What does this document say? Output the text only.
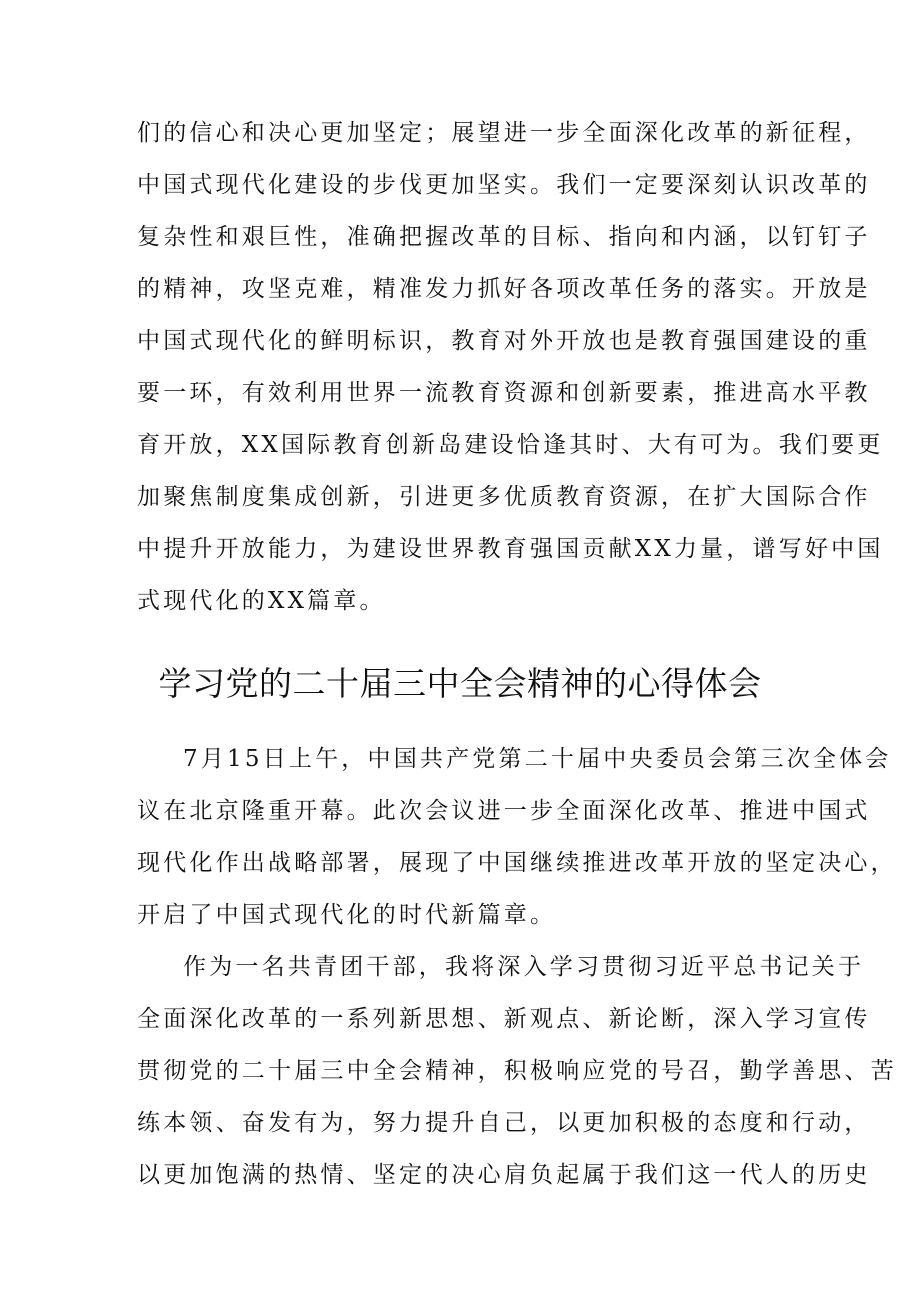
们的信心和决心更加坚定；展望进一步全面深化改革的新征程，
中国式现代化建设的步伐更加坚实。我们一定要深刻认识改革的
复杂性和艰巨性，准确把握改革的目标、指向和内涵，以钉钉子
的精神，攻坚克难，精准发力抓好各项改革任务的落实。开放是
中国式现代化的鲜明标识，教育对外开放也是教育强国建设的重
要一环，有效利用世界一流教育资源和创新要素，推进高水平教
育开放，XX国际教育创新岛建设恰逢其时、大有可为。我们要更
加聚焦制度集成创新，引进更多优质教育资源，在扩大国际合作
中提升开放能力，为建设世界教育强国贡献XX力量，谱写好中国
式现代化的XX篇章。
学习党的二十届三中全会精神的心得体会
7月15日上午，中国共产党第二十届中央委员会第三次全体会
议在北京隆重开幕。此次会议进一步全面深化改革、推进中国式
现代化作出战略部署，展现了中国继续推进改革开放的坚定决心，
开启了中国式现代化的时代新篇章。
作为一名共青团干部，我将深入学习贯彻习近平总书记关于
全面深化改革的一系列新思想、新观点、新论断，深入学习宣传
贯彻党的二十届三中全会精神，积极响应党的号召，勤学善思、苦
练本领、奋发有为，努力提升自己，以更加积极的态度和行动，
以更加饱满的热情、坚定的决心肩负起属于我们这一代人的历史
